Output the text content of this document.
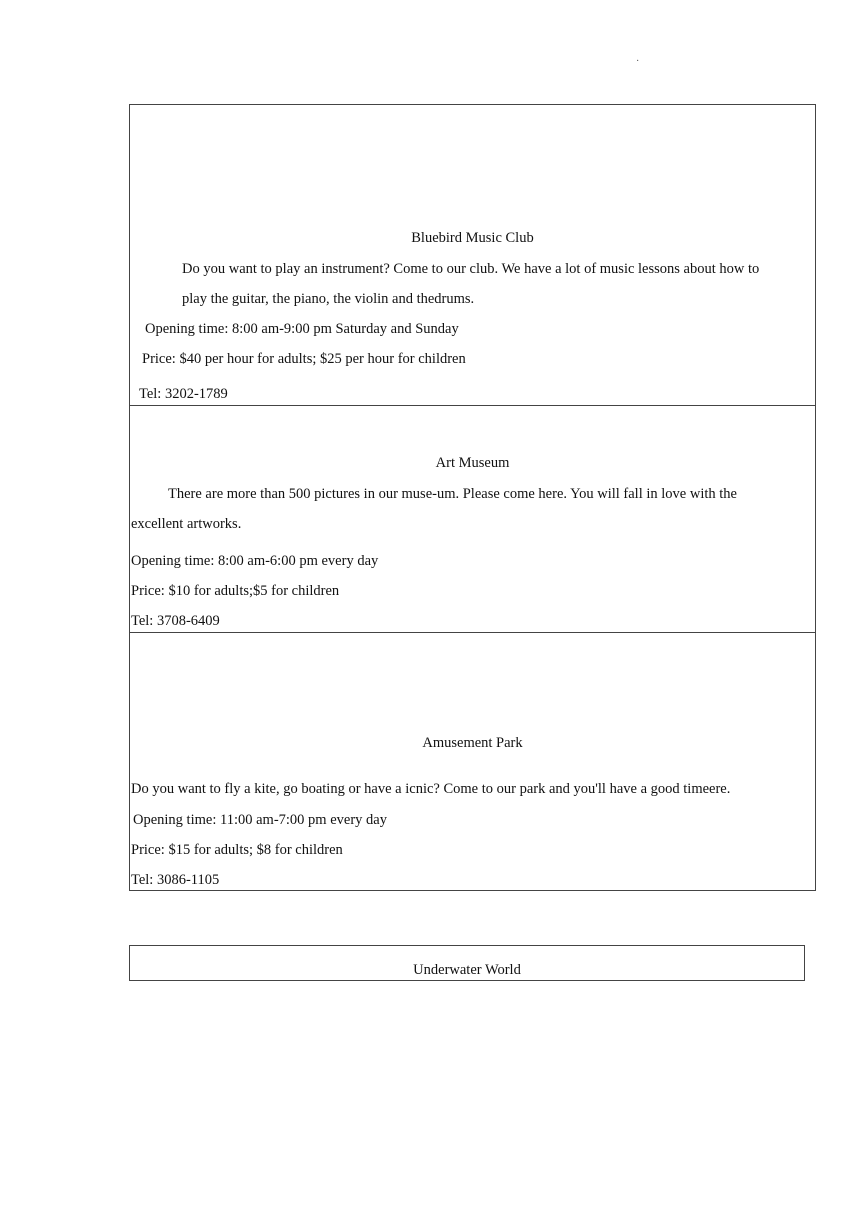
·
Bluebird Music Club
Do you want to play an instrument? Come to our club. We have a lot of music lessons about how to
play the guitar, the piano, the violin and thedrums.
Opening time: 8:00 am-9:00 pm Saturday and Sunday
Price: $40 per hour for adults; $25 per hour for children
Tel: 3202-1789
Art Museum
There are more than 500 pictures in our muse-um. Please come here. You will fall in love with the
excellent artworks.
Opening time: 8:00 am-6:00 pm every day
Price: $10 for adults;$5 for children
Tel: 3708-6409
Amusement Park
Do you want to fly a kite, go boating or have a icnic? Come to our park and you'll have a good timeere.
Opening time: 11:00 am-7:00 pm every day
Price: $15 for adults; $8 for children
Tel: 3086-1105
Underwater World
